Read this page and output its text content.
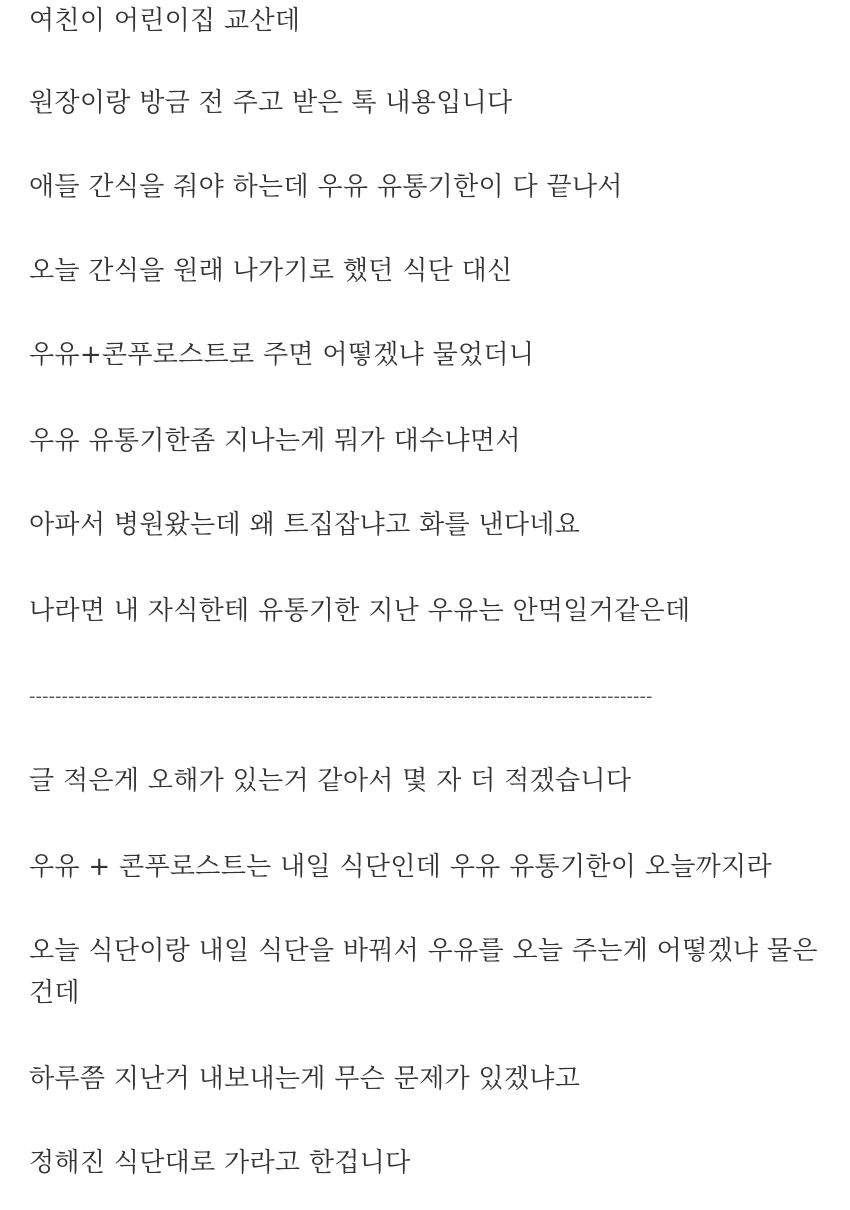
여친이 어린이집 교산데

원장이랑 방금 전 주고 받은 톡 내용입니다

애들 간식을 줘야 하는데 우유 유통기한이 다 끝나서

오늘 간식을 원래 나가기로 했던 식단 대신

우유+콘푸로스트로 주면 어떻겠냐 물었더니

우유 유통기한좀 지나는게 뭐가 대수냐면서

아파서 병원왔는데 왜 트집잡냐고 화를 낸다네요

나라면 내 자식한테 유통기한 지난 우유는 안먹일거같은데

------------------------------------------------------------------------------------------------

글 적은게 오해가 있는거 같아서 몇 자 더 적겠습니다

우유 + 콘푸로스트는 내일 식단인데 우유 유통기한이 오늘까지라

오늘 식단이랑 내일 식단을 바꿔서 우유를 오늘 주는게 어떻겠냐 물은 건데

하루쯤 지난거 내보내는게 무슨 문제가 있겠냐고

정해진 식단대로 가라고 한겁니다
